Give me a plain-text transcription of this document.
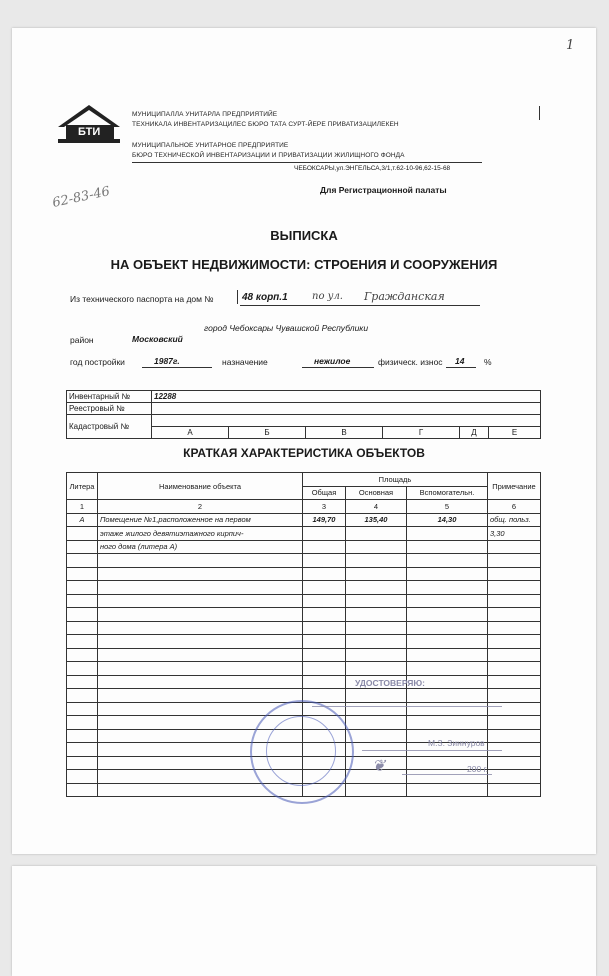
1
БТИ
МУНИЦИПАЛЛА УНИТАРЛА ПРЕДПРИЯТИЙЕ
ТЕХНИКАЛА ИНВЕНТАРИЗАЦИЛЕС БЮРО ТАТА СУРТ-ЙЕРЕ ПРИВАТИЗАЦИЛЕКЕН
МУНИЦИПАЛЬНОЕ УНИТАРНОЕ ПРЕДПРИЯТИЕ
БЮРО ТЕХНИЧЕСКОЙ ИНВЕНТАРИЗАЦИИ И ПРИВАТИЗАЦИИ ЖИЛИЩНОГО ФОНДА
ЧЕБОКСАРЫ,ул.ЭНГЕЛЬСА,3/1,т.62-10-96,62-15-68
62-83-46	Для Регистрационной палаты
ВЫПИСКА
НА ОБЪЕКТ НЕДВИЖИМОСТИ: СТРОЕНИЯ И СООРУЖЕНИЯ
Из технического паспорта на дом №	48 корп.1 по ул. Гражданская
город Чебоксары Чувашской Республики
район	Московский
год постройки	1987г.	назначение	нежилое	физическ. износ 14 %
Инвентарный №	12288					
Реестровый №						
Кадастровый №						
	А	Б	В	Г	Д	Е
КРАТКАЯ ХАРАКТЕРИСТИКА ОБЪЕКТОВ
Литера	Наименование объекта	Площадь			Примечание
		Общая	Основная	Вспомогательн.	
1	2	3	4	5	6
А	Помещение №1,расположенное на первом	149,70	135,40	14,30	общ. польз.
	этаже жилого девятиэтажного кирпич-				3,30
	ного дома (литера А)				

УДОСТОВЕРЯЮ:
М.З. Зиннуров
❦	200 г.
